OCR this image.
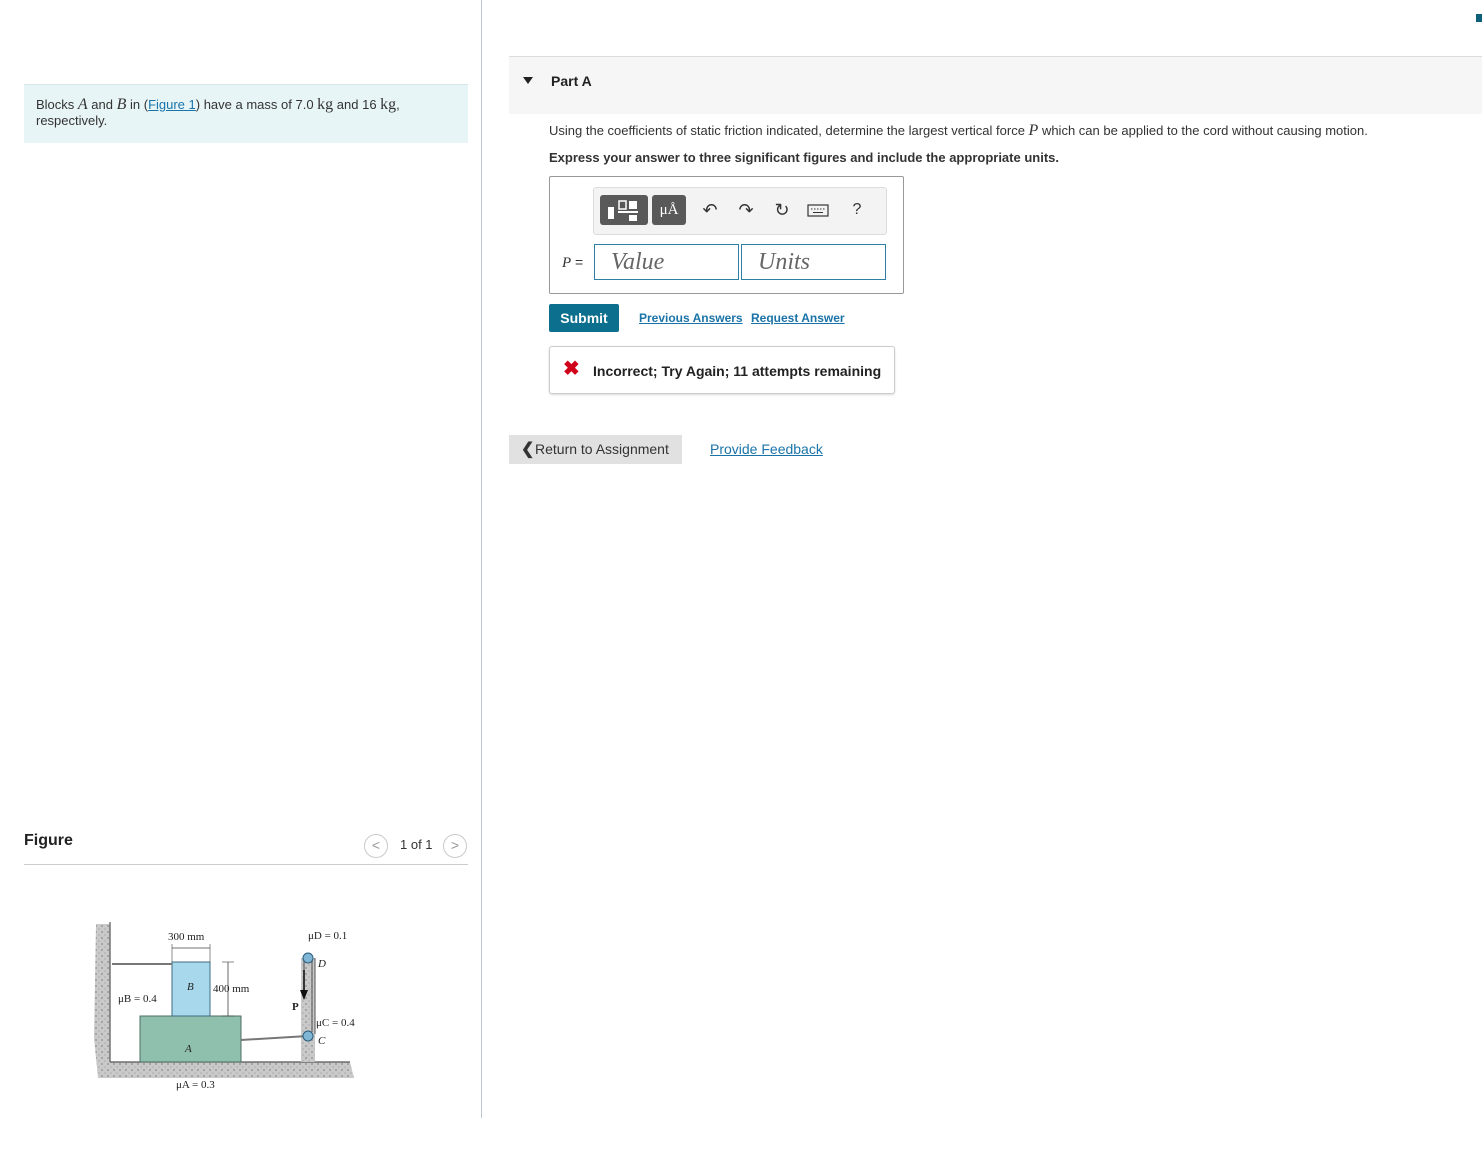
Blocks A and B in (Figure 1) have a mass of 7.0 kg and 16 kg, respectively.
Figure	<	1 of 1	>
300 mm
400 mm
B
A
μB = 0.4
μA = 0.3
μD = 0.1
μC = 0.4
D
C
P
Part A
Using the coefficients of static friction indicated, determine the largest vertical force P which can be applied to the cord without causing motion.
Express your answer to three significant figures and include the appropriate units.
μÅ	↶ ↷ ↻	?
P =	Value	Units
Submit	Previous Answers Request Answer
✖ Incorrect; Try Again; 11 attempts remaining
❮ Return to Assignment	Provide Feedback
